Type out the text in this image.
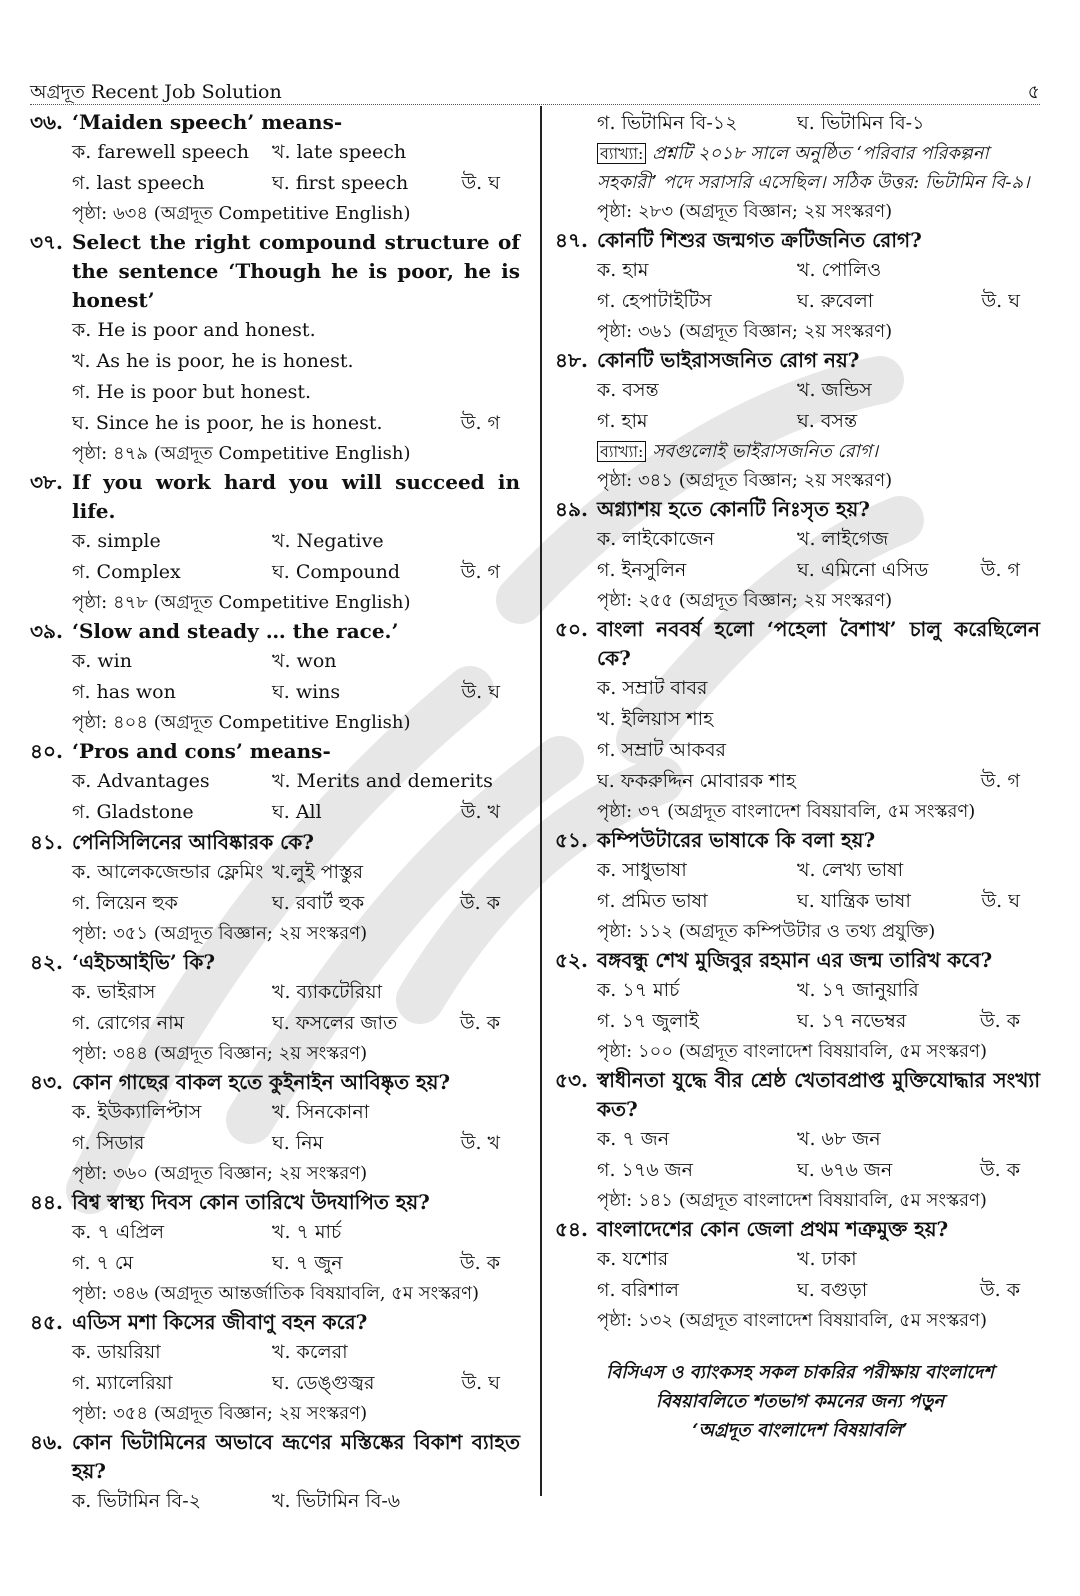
অগ্রদূত Recent Job Solution	৫
৩৬. ‘Maiden speech’ means-
ক. farewell speech খ. late speech
গ. last speech	ঘ. first speech	উ. ঘ
পৃষ্ঠা: ৬৩৪ (অগ্রদূত Competitive English)
৩৭. Select the right compound structure of the sentence ‘Though he is poor, he is honest’
ক. He is poor and honest.
খ. As he is poor, he is honest.
গ. He is poor but honest.
ঘ. Since he is poor, he is honest.	উ. গ
পৃষ্ঠা: ৪৭৯ (অগ্রদূত Competitive English)
৩৮. If you work hard you will succeed in life.
ক. simple	খ. Negative
গ. Complex	ঘ. Compound	উ. গ
পৃষ্ঠা: ৪৭৮ (অগ্রদূত Competitive English)
৩৯. ‘Slow and steady … the race.’
ক. win	খ. won
গ. has won	ঘ. wins	উ. ঘ
পৃষ্ঠা: ৪০৪ (অগ্রদূত Competitive English)
৪০. ‘Pros and cons’ means-
ক. Advantages	খ. Merits and demerits
গ. Gladstone	ঘ. All	উ. খ
৪১. পেনিসিলিনের আবিষ্কারক কে?
ক. আলেকজেন্ডার ফ্লেমিং খ.লুই পাস্তুর
গ. লিয়েন হুক	ঘ. রবার্ট হুক	উ. ক
পৃষ্ঠা: ৩৫১ (অগ্রদূত বিজ্ঞান; ২য় সংস্করণ)
৪২. ‘এইচআইভি’ কি?
ক. ভাইরাস	খ. ব্যাকটেরিয়া
গ. রোগের নাম	ঘ. ফসলের জাত	উ. ক
পৃষ্ঠা: ৩৪৪ (অগ্রদূত বিজ্ঞান; ২য় সংস্করণ)
৪৩. কোন গাছের বাকল হতে কুইনাইন আবিষ্কৃত হয়?
ক. ইউক্যালিপ্টাস	খ. সিনকোনা
গ. সিডার	ঘ. নিম	উ. খ
পৃষ্ঠা: ৩৬০ (অগ্রদূত বিজ্ঞান; ২য় সংস্করণ)
৪৪. বিশ্ব স্বাস্থ্য দিবস কোন তারিখে উদযাপিত হয়?
ক. ৭ এপ্রিল	খ. ৭ মার্চ
গ. ৭ মে	ঘ. ৭ জুন	উ. ক
পৃষ্ঠা: ৩৪৬ (অগ্রদূত আন্তর্জাতিক বিষয়াবলি, ৫ম সংস্করণ)
৪৫. এডিস মশা কিসের জীবাণু বহন করে?
ক. ডায়রিয়া	খ. কলেরা
গ. ম্যালেরিয়া	ঘ. ডেঙ্গুজ্বর	উ. ঘ
পৃষ্ঠা: ৩৫৪ (অগ্রদূত বিজ্ঞান; ২য় সংস্করণ)
৪৬. কোন ভিটামিনের অভাবে ভ্রূণের মস্তিষ্কের বিকাশ ব্যাহত হয়?
ক. ভিটামিন বি-২	খ. ভিটামিন বি-৬
গ. ভিটামিন বি-১২	ঘ. ভিটামিন বি-১
ব্যাখ্যা: প্রশ্নটি ২০১৮ সালে অনুষ্ঠিত ‘পরিবার পরিকল্পনা সহকারী’ পদে সরাসরি এসেছিল। সঠিক উত্তর: ভিটামিন বি-৯।
পৃষ্ঠা: ২৮৩ (অগ্রদূত বিজ্ঞান; ২য় সংস্করণ)
৪৭. কোনটি শিশুর জন্মগত ক্রটিজনিত রোগ?
ক. হাম	খ. পোলিও
গ. হেপাটাইটিস	ঘ. রুবেলা	উ. ঘ
পৃষ্ঠা: ৩৬১ (অগ্রদূত বিজ্ঞান; ২য় সংস্করণ)
৪৮. কোনটি ভাইরাসজনিত রোগ নয়?
ক. বসন্ত	খ. জন্ডিস
গ. হাম	ঘ. বসন্ত
ব্যাখ্যা: সবগুলোই ভাইরাসজনিত রোগ।
পৃষ্ঠা: ৩৪১ (অগ্রদূত বিজ্ঞান; ২য় সংস্করণ)
৪৯. অগ্ন্যাশয় হতে কোনটি নিঃসৃত হয়?
ক. লাইকোজেন	খ. লাইগেজ
গ. ইনসুলিন	ঘ. এমিনো এসিড	উ. গ
পৃষ্ঠা: ২৫৫ (অগ্রদূত বিজ্ঞান; ২য় সংস্করণ)
৫০. বাংলা নববর্ষ হলো ‘পহেলা বৈশাখ’ চালু করেছিলেন কে?
ক. সম্রাট বাবর
খ. ইলিয়াস শাহ
গ. সম্রাট আকবর
ঘ. ফকরুদ্দিন মোবারক শাহ	উ. গ
পৃষ্ঠা: ৩৭ (অগ্রদূত বাংলাদেশ বিষয়াবলি, ৫ম সংস্করণ)
৫১. কম্পিউটারের ভাষাকে কি বলা হয়?
ক. সাধুভাষা	খ. লেখ্য ভাষা
গ. প্রমিত ভাষা	ঘ. যান্ত্রিক ভাষা	উ. ঘ
পৃষ্ঠা: ১১২ (অগ্রদূত কম্পিউটার ও তথ্য প্রযুক্তি)
৫২. বঙ্গবন্ধু শেখ মুজিবুর রহমান এর জন্ম তারিখ কবে?
ক. ১৭ মার্চ	খ. ১৭ জানুয়ারি
গ. ১৭ জুলাই	ঘ. ১৭ নভেম্বর	উ. ক
পৃষ্ঠা: ১০০ (অগ্রদূত বাংলাদেশ বিষয়াবলি, ৫ম সংস্করণ)
৫৩. স্বাধীনতা যুদ্ধে বীর শ্রেষ্ঠ খেতাবপ্রাপ্ত মুক্তিযোদ্ধার সংখ্যা কত?
ক. ৭ জন	খ. ৬৮ জন
গ. ১৭৬ জন	ঘ. ৬৭৬ জন	উ. ক
পৃষ্ঠা: ১৪১ (অগ্রদূত বাংলাদেশ বিষয়াবলি, ৫ম সংস্করণ)
৫৪. বাংলাদেশের কোন জেলা প্রথম শত্রুমুক্ত হয়?
ক. যশোর	খ. ঢাকা
গ. বরিশাল	ঘ. বগুড়া	উ. ক
পৃষ্ঠা: ১৩২ (অগ্রদূত বাংলাদেশ বিষয়াবলি, ৫ম সংস্করণ)
বিসিএস ও ব্যাংকসহ সকল চাকরির পরীক্ষায় বাংলাদেশ
বিষয়াবলিতে শতভাগ কমনের জন্য পড়ুন
‘অগ্রদূত বাংলাদেশ বিষয়াবলি’
